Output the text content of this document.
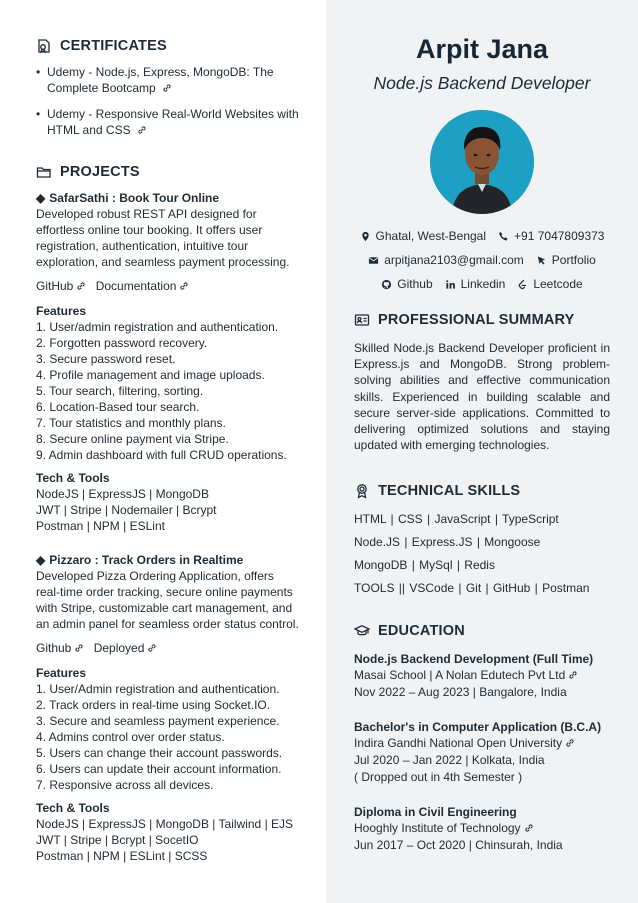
CERTIFICATES
• Udemy - Node.js, Express, MongoDB: The Complete Bootcamp
• Udemy - Responsive Real-World Websites with HTML and CSS
PROJECTS
◆ SafarSathi : Book Tour Online
Developed robust REST API designed for effortless online tour booking. It offers user registration, authentication, intuitive tour exploration, and seamless payment processing.
GitHub Documentation
Features
1. User/admin registration and authentication.
2. Forgotten password recovery.
3. Secure password reset.
4. Profile management and image uploads.
5. Tour search, filtering, sorting.
6. Location-Based tour search.
7. Tour statistics and monthly plans.
8. Secure online payment via Stripe.
9. Admin dashboard with full CRUD operations.
Tech & Tools
NodeJS | ExpressJS | MongoDB
JWT | Stripe | Nodemailer | Bcrypt
Postman | NPM | ESLint
◆ Pizzaro : Track Orders in Realtime
Developed Pizza Ordering Application, offers real-time order tracking, secure online payments with Stripe, customizable cart management, and an admin panel for seamless order status control.
Github Deployed
Features
1. User/Admin registration and authentication.
2. Track orders in real-time using Socket.IO.
3. Secure and seamless payment experience.
4. Admins control over order status.
5. Users can change their account passwords.
6. Users can update their account information.
7. Responsive across all devices.
Tech & Tools
NodeJS | ExpressJS | MongoDB | Tailwind | EJS
JWT | Stripe | Bcrypt | SocetIO
Postman | NPM | ESLint | SCSS
Arpit Jana
Node.js Backend Developer
Ghatal, West-Bengal +91 7047809373
arpitjana2103@gmail.com Portfolio
Github Linkedin Leetcode
PROFESSIONAL SUMMARY
Skilled Node.js Backend Developer proficient in Express.js and MongoDB. Strong problem-solving abilities and effective communication skills. Experienced in building scalable and secure server-side applications. Committed to delivering optimized solutions and staying updated with emerging technologies.
TECHNICAL SKILLS
HTML | CSS | JavaScript | TypeScript
Node.JS | Express.JS | Mongoose
MongoDB | MySql | Redis
TOOLS || VSCode | Git | GitHub | Postman
EDUCATION
Node.js Backend Development (Full Time)
Masai School | A Nolan Edutech Pvt Ltd
Nov 2022 – Aug 2023 | Bangalore, India
Bachelor's in Computer Application (B.C.A)
Indira Gandhi National Open University
Jul 2020 – Jan 2022 | Kolkata, India
( Dropped out in 4th Semester )
Diploma in Civil Engineering
Hooghly Institute of Technology
Jun 2017 – Oct 2020 | Chinsurah, India
